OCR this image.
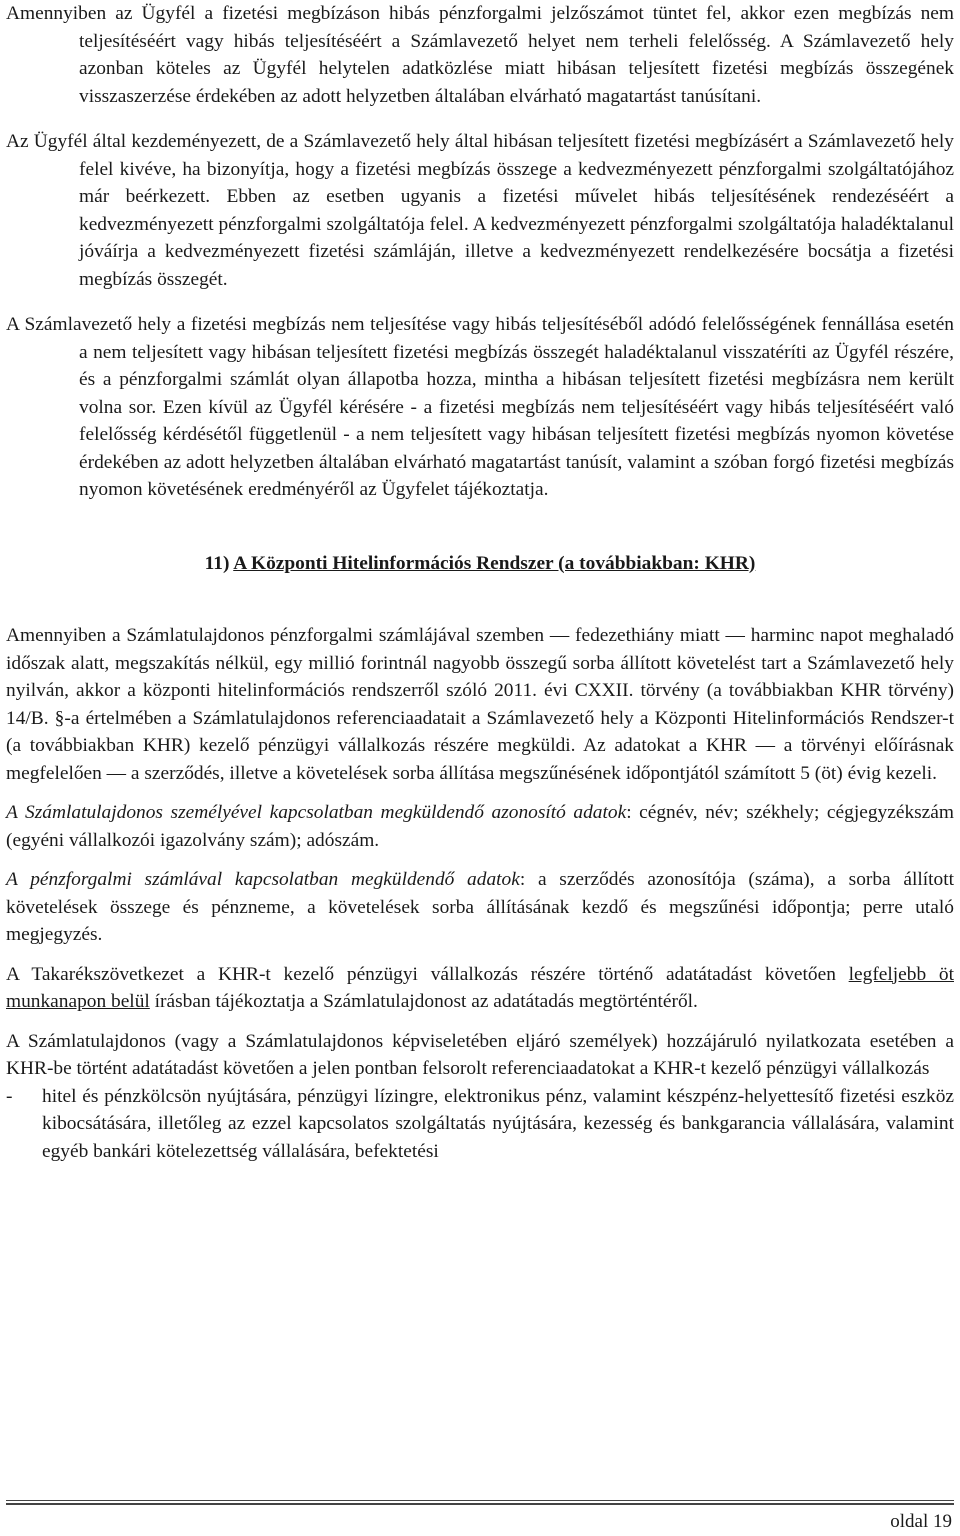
Amennyiben az Ügyfél a fizetési megbízáson hibás pénzforgalmi jelzőszámot tüntet fel, akkor ezen megbízás nem teljesítéséért vagy hibás teljesítéséért a Számlavezető helyet nem terheli felelősség. A Számlavezető hely azonban köteles az Ügyfél helytelen adatközlése miatt hibásan teljesített fizetési megbízás összegének visszaszerzése érdekében az adott helyzetben általában elvárható magatartást tanúsítani.

Az Ügyfél által kezdeményezett, de a Számlavezető hely által hibásan teljesített fizetési megbízásért a Számlavezető hely felel kivéve, ha bizonyítja, hogy a fizetési megbízás összege a kedvezményezett pénzforgalmi szolgáltatójához már beérkezett. Ebben az esetben ugyanis a fizetési művelet hibás teljesítésének rendezéséért a kedvezményezett pénzforgalmi szolgáltatója felel. A kedvezményezett pénzforgalmi szolgáltatója haladéktalanul jóváírja a kedvezményezett fizetési számláján, illetve a kedvezményezett rendelkezésére bocsátja a fizetési megbízás összegét.

A Számlavezető hely a fizetési megbízás nem teljesítése vagy hibás teljesítéséből adódó felelősségének fennállása esetén a nem teljesített vagy hibásan teljesített fizetési megbízás összegét haladéktalanul visszatéríti az Ügyfél részére, és a pénzforgalmi számlát olyan állapotba hozza, mintha a hibásan teljesített fizetési megbízásra nem került volna sor. Ezen kívül az Ügyfél kérésére - a fizetési megbízás nem teljesítéséért vagy hibás teljesítéséért való felelősség kérdésétől függetlenül - a nem teljesített vagy hibásan teljesített fizetési megbízás nyomon követése érdekében az adott helyzetben általában elvárható magatartást tanúsít, valamint a szóban forgó fizetési megbízás nyomon követésének eredményéről az Ügyfelet tájékoztatja.

11) A Központi Hitelinformációs Rendszer (a továbbiakban: KHR)

Amennyiben a Számlatulajdonos pénzforgalmi számlájával szemben — fedezethiány miatt — harminc napot meghaladó időszak alatt, megszakítás nélkül, egy millió forintnál nagyobb összegű sorba állított követelést tart a Számlavezető hely nyilván, akkor a központi hitelinformációs rendszerről szóló 2011. évi CXXII. törvény (a továbbiakban KHR törvény) 14/B. §-a értelmében a Számlatulajdonos referenciaadatait a Számlavezető hely a Központi Hitelinformációs Rendszer-t (a továbbiakban KHR) kezelő pénzügyi vállalkozás részére megküldi. Az adatokat a KHR — a törvényi előírásnak megfelelően — a szerződés, illetve a követelések sorba állítása megszűnésének időpontjától számított 5 (öt) évig kezeli.

A Számlatulajdonos személyével kapcsolatban megküldendő azonosító adatok: cégnév, név; székhely; cégjegyzékszám (egyéni vállalkozói igazolvány szám); adószám.

A pénzforgalmi számlával kapcsolatban megküldendő adatok: a szerződés azonosítója (száma), a sorba állított követelések összege és pénzneme, a követelések sorba állításának kezdő és megszűnési időpontja; perre utaló megjegyzés.

A Takarékszövetkezet a KHR-t kezelő pénzügyi vállalkozás részére történő adatátadást követően legfeljebb öt munkanapon belül írásban tájékoztatja a Számlatulajdonost az adatátadás megtörténtéről.

A Számlatulajdonos (vagy a Számlatulajdonos képviseletében eljáró személyek) hozzájáruló nyilatkozata esetében a KHR-be történt adatátadást követően a jelen pontban felsorolt referenciaadatokat a KHR-t kezelő pénzügyi vállalkozás

-	hitel és pénzkölcsön nyújtására, pénzügyi lízingre, elektronikus pénz, valamint készpénz-helyettesítő fizetési eszköz kibocsátására, illetőleg az ezzel kapcsolatos szolgáltatás nyújtására, kezesség és bankgarancia vállalására, valamint egyéb bankári kötelezettség vállalására, befektetési
oldal 19
